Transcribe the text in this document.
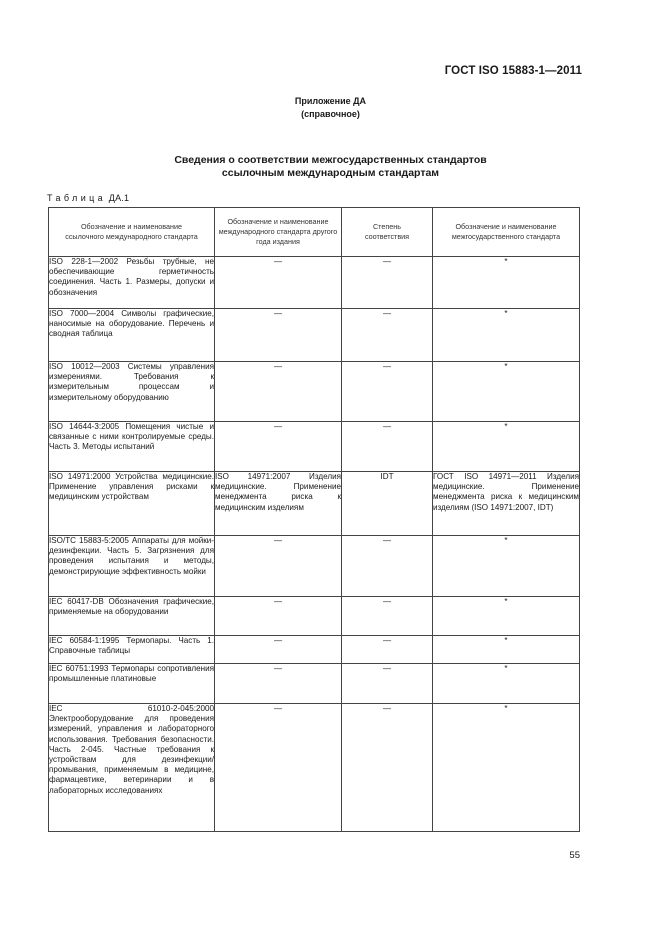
ГОСТ ISO 15883-1—2011
Приложение ДА
(справочное)
Сведения о соответствии межгосударственных стандартов
ссылочным международным стандартам
Таблица ДА.1
Обозначение и наименование ссылочного международного стандарта	Обозначение и наименование международного стандарта другого года издания	Степень соответствия	Обозначение и наименование межгосударственного стандарта
ISO 228-1—2002 Резьбы трубные, не обеспечивающие герметичность соединения. Часть 1. Размеры, допуски и обозначения	—	—	*
ISO 7000—2004 Символы графические, наносимые на оборудование. Перечень и сводная таблица	—	—	*
ISO 10012—2003 Системы управления измерениями. Требования к измерительным процессам и измерительному оборудованию	—	—	*
ISO 14644-3:2005 Помещения чистые и связанные с ними контролируемые среды. Часть 3. Методы испытаний	—	—	*
ISO 14971:2000 Устройства медицинские. Применение управления рисками к медицинским устройствам	ISO 14971:2007 Изделия медицинские. Применение менеджмента риска к медицинским изделиям	IDT	ГОСТ ISO 14971—2011 Изделия медицинские. Применение менеджмента риска к медицинским изделиям (ISO 14971:2007, IDT)
ISO/TC 15883-5:2005 Аппараты для мойки-дезинфекции. Часть 5. Загрязнения для проведения испытания и методы, демонстрирующие эффективность мойки	—	—	*
IEC 60417-DB Обозначения графические, применяемые на оборудовании	—	—	*
IEC 60584-1:1995 Термопары. Часть 1. Справочные таблицы	—	—	*
IEC 60751:1993 Термопары сопротивления промышленные платиновые	—	—	*
IEC 61010-2-045:2000 Электрооборудование для проведения измерений, управления и лабораторного использования. Требования безопасности. Часть 2-045. Частные требования к устройствам для дезинфекции/промывания, применяемым в медицине, фармацевтике, ветеринарии и в лабораторных исследованиях	—	—	*
55
